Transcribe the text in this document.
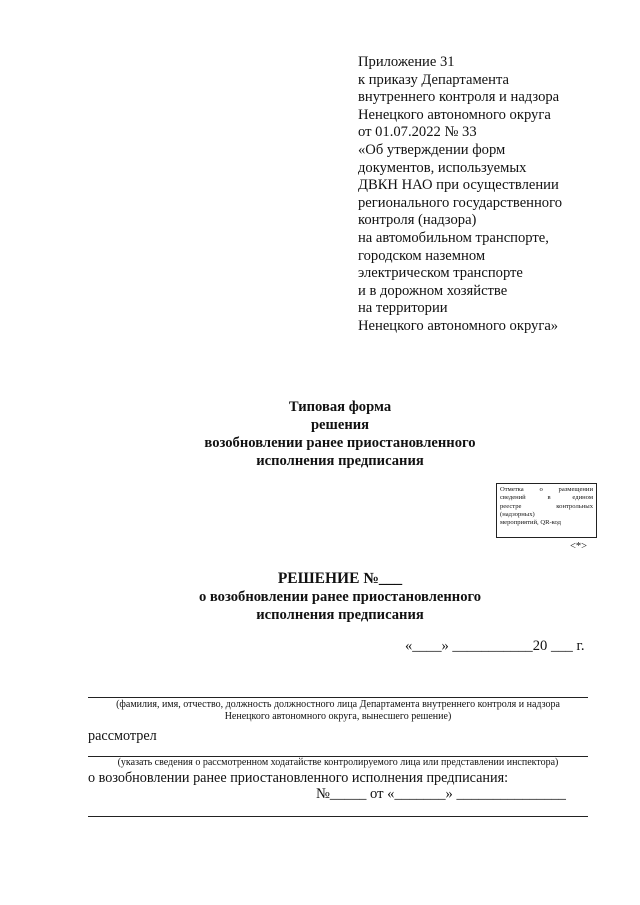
Приложение 31
к приказу Департамента
внутреннего контроля и надзора
Ненецкого автономного округа
от 01.07.2022 № 33
«Об утверждении форм
документов, используемых
ДВКН НАО при осуществлении
регионального государственного
контроля (надзора)
на автомобильном транспорте,
городском наземном
электрическом транспорте
и в дорожном хозяйстве
на территории
Ненецкого автономного округа»
Типовая форма
решения
возобновлении ранее приостановленного
исполнения предписания
Отметка о размещении
сведений в едином
реестре контрольных
(надзорных)
мероприятий, QR-код
<*>
РЕШЕНИЕ №___
о возобновлении ранее приостановленного
исполнения предписания
«____» ___________20 ___ г.
(фамилия, имя, отчество, должность должностного лица Департамента внутреннего контроля и надзора
Ненецкого автономного округа, вынесшего решение)
рассмотрел
(указать сведения о рассмотренном ходатайстве контролируемого лица или представлении инспектора)
о возобновлении ранее приостановленного исполнения предписания:
№_____ от «_______» _______________
